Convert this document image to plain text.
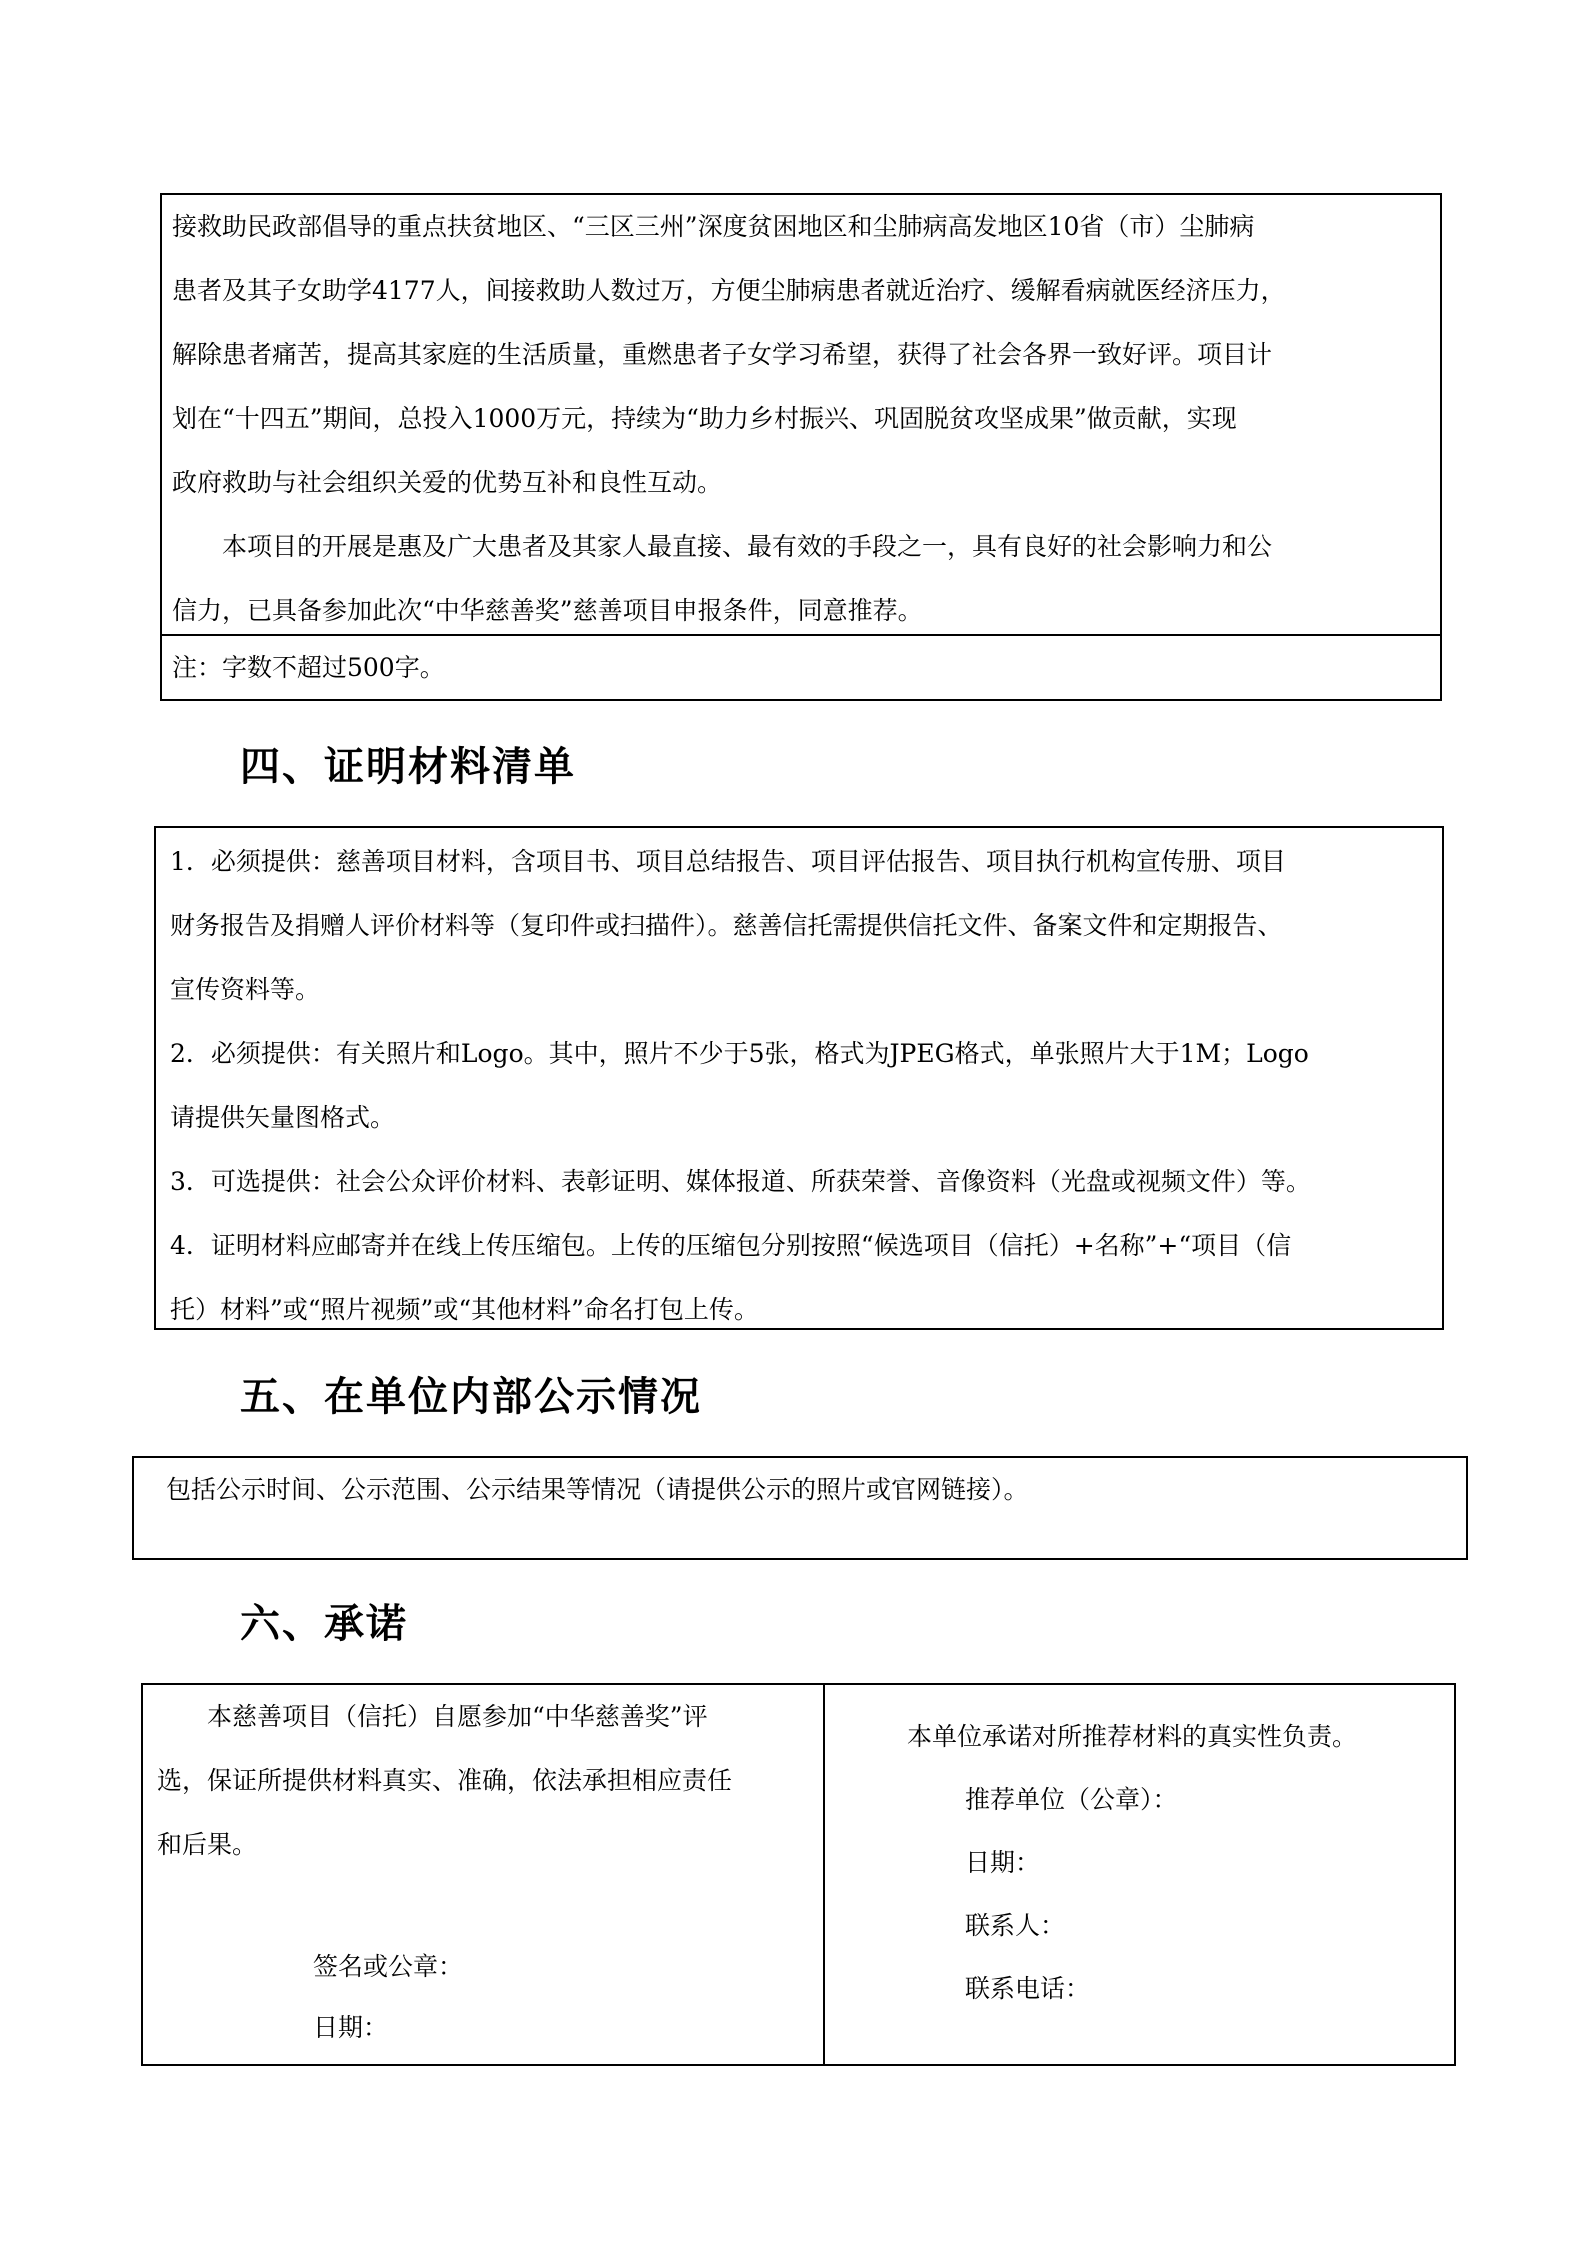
接救助民政部倡导的重点扶贫地区、“三区三州”深度贫困地区和尘肺病高发地区10省（市）尘肺病

患者及其子女助学4177人，间接救助人数过万，方便尘肺病患者就近治疗、缓解看病就医经济压力，

解除患者痛苦，提高其家庭的生活质量，重燃患者子女学习希望，获得了社会各界一致好评。项目计

划在“十四五”期间，总投入1000万元，持续为“助力乡村振兴、巩固脱贫攻坚成果”做贡献，实现

政府救助与社会组织关爱的优势互补和良性互动。

本项目的开展是惠及广大患者及其家人最直接、最有效的手段之一，具有良好的社会影响力和公

信力，已具备参加此次“中华慈善奖”慈善项目申报条件，同意推荐。

注：字数不超过500字。

四、证明材料清单

1．必须提供：慈善项目材料，含项目书、项目总结报告、项目评估报告、项目执行机构宣传册、项目

财务报告及捐赠人评价材料等（复印件或扫描件）。慈善信托需提供信托文件、备案文件和定期报告、

宣传资料等。

2．必须提供：有关照片和Logo。其中，照片不少于5张，格式为JPEG格式，单张照片大于1M；Logo

请提供矢量图格式。

3．可选提供：社会公众评价材料、表彰证明、媒体报道、所获荣誉、音像资料（光盘或视频文件）等。

4．证明材料应邮寄并在线上传压缩包。上传的压缩包分别按照“候选项目（信托）+名称”+“项目（信

托）材料”或“照片视频”或“其他材料”命名打包上传。

五、在单位内部公示情况

包括公示时间、公示范围、公示结果等情况（请提供公示的照片或官网链接）。

六、承诺

本慈善项目（信托）自愿参加“中华慈善奖”评

选，保证所提供材料真实、准确，依法承担相应责任

和后果。

签名或公章：

日期：

本单位承诺对所推荐材料的真实性负责。

推荐单位（公章）：

日期：

联系人：

联系电话：
